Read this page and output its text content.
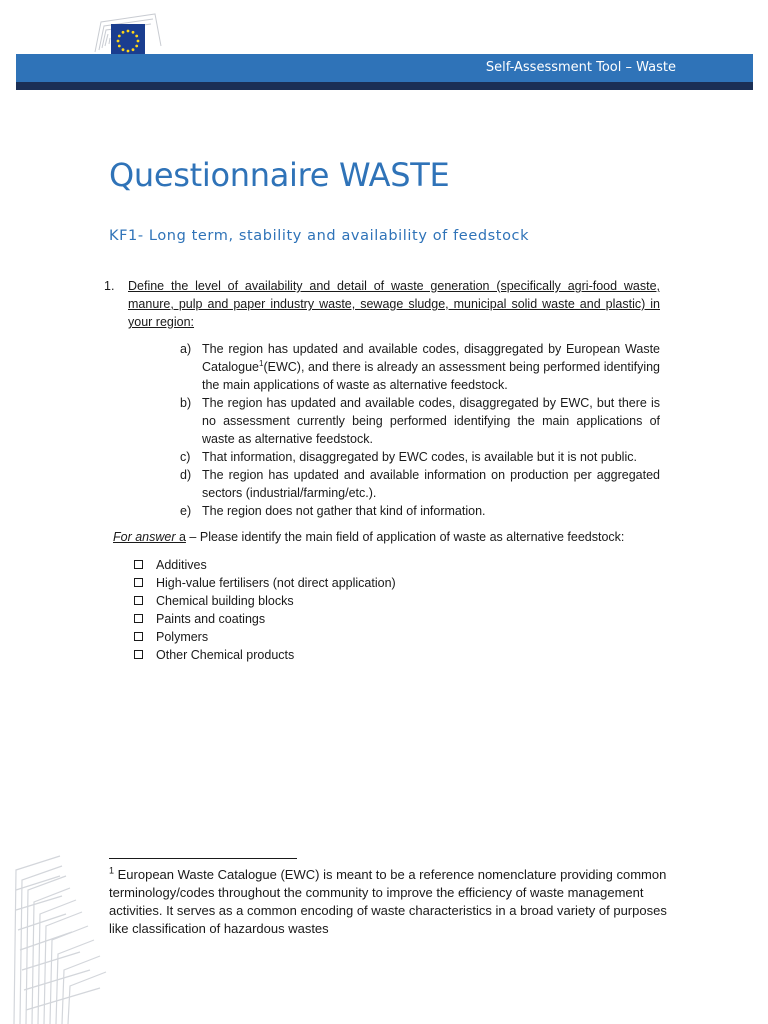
Self-Assessment Tool – Waste
Questionnaire WASTE
KF1- Long term, stability and availability of feedstock
1. Define the level of availability and detail of waste generation (specifically agri-food waste, manure, pulp and paper industry waste, sewage sludge, municipal solid waste and plastic) in your region:
a) The region has updated and available codes, disaggregated by European Waste Catalogue$^1$(EWC), and there is already an assessment being performed identifying the main applications of waste as alternative feedstock.
b) The region has updated and available codes, disaggregated by EWC, but there is no assessment currently being performed identifying the main applications of waste as alternative feedstock.
c) That information, disaggregated by EWC codes, is available but it is not public.
d) The region has updated and available information on production per aggregated sectors (industrial/farming/etc.).
e) The region does not gather that kind of information.
For answer a – Please identify the main field of application of waste as alternative feedstock:
Additives
High-value fertilisers (not direct application)
Chemical building blocks
Paints and coatings
Polymers
Other Chemical products
$^1$ European Waste Catalogue (EWC) is meant to be a reference nomenclature providing common terminology/codes throughout the community to improve the efficiency of waste management activities. It serves as a common encoding of waste characteristics in a broad variety of purposes like classification of hazardous wastes
